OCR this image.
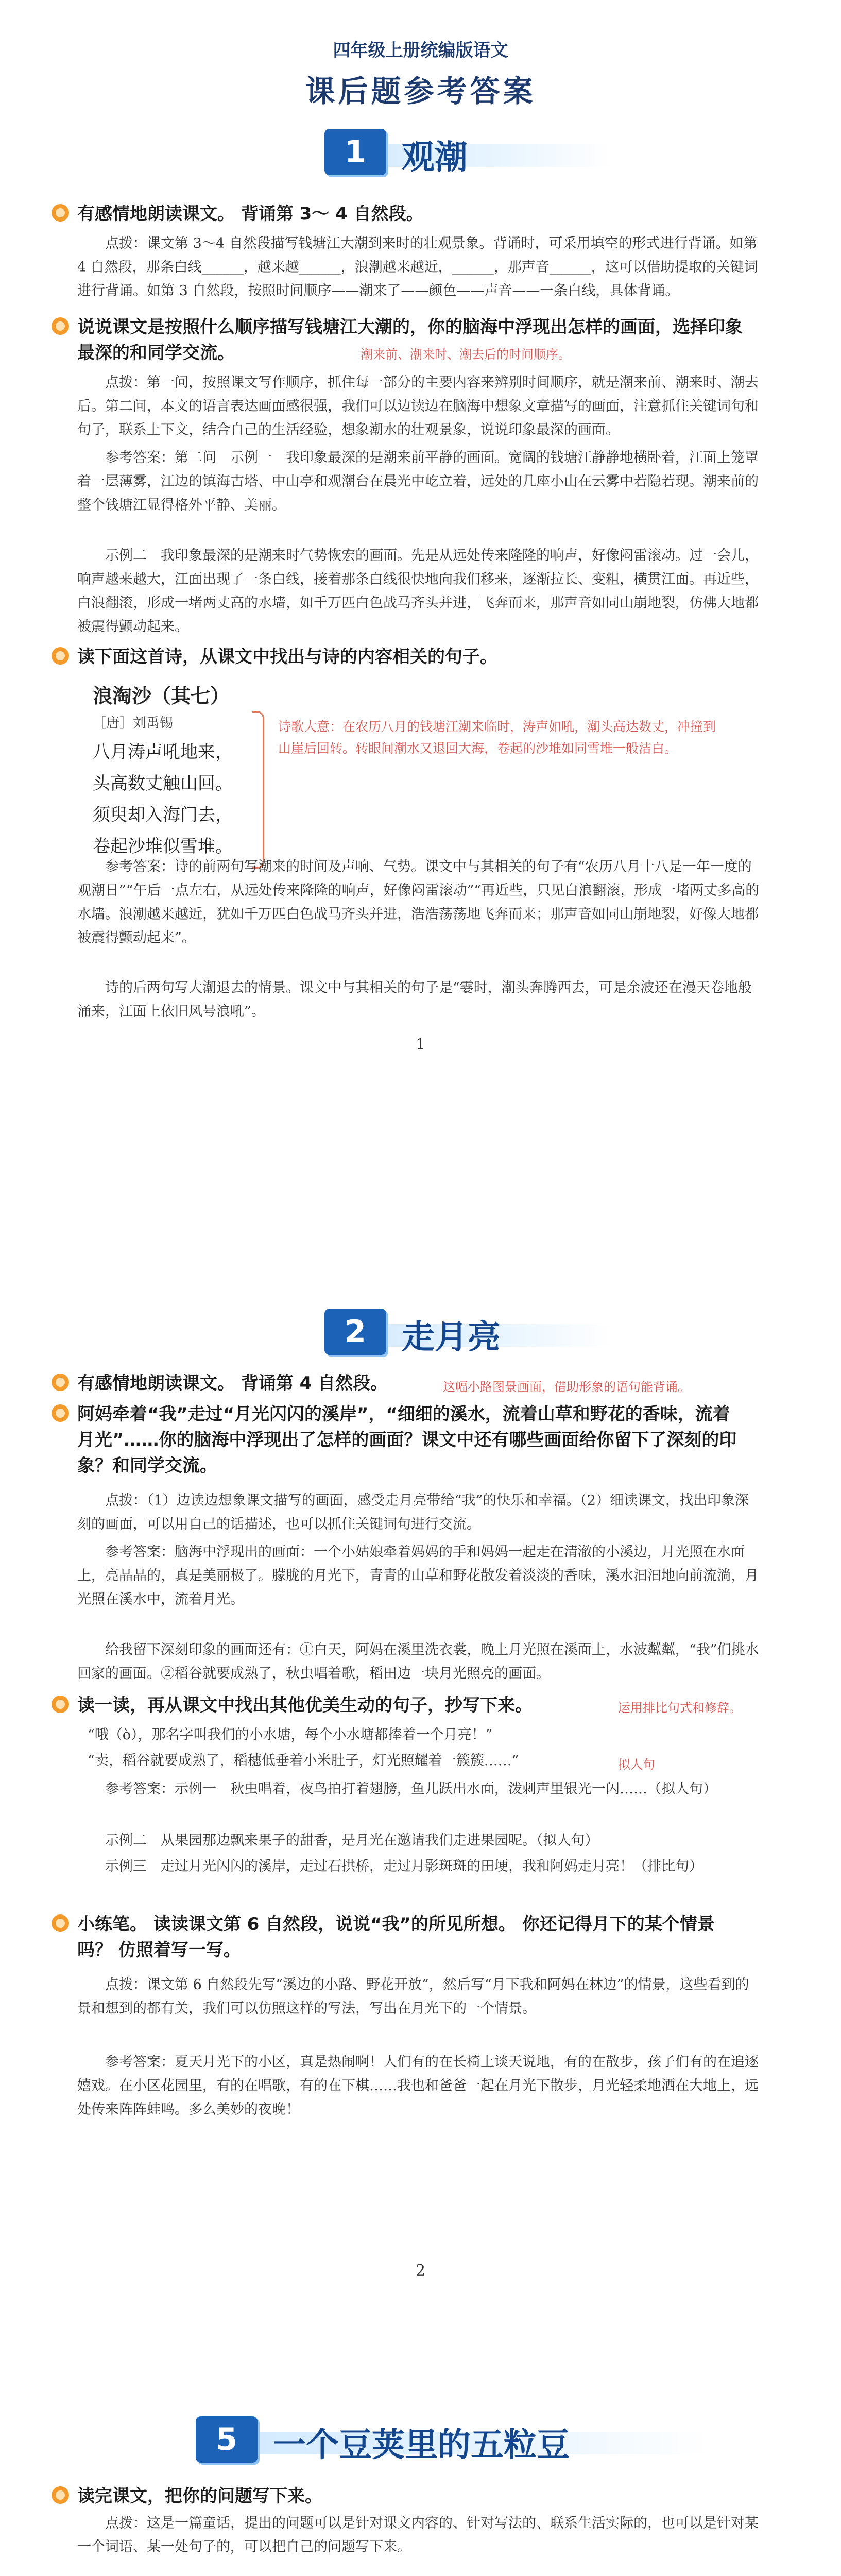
四年级上册统编版语文
课后题参考答案
1	观潮
有感情地朗读课文。 背诵第 3～ 4 自然段。
点拨：课文第 3～4 自然段描写钱塘江大潮到来时的壮观景象。背诵时，可采用填空的形式进行背诵。如第 4 自然段，那条白线______，越来越______，浪潮越来越近，______，那声音______，这可以借助提取的关键词进行背诵。如第 3 自然段，按照时间顺序——潮来了——颜色——声音——一条白线，具体背诵。
说说课文是按照什么顺序描写钱塘江大潮的，你的脑海中浮现出怎样的画面，选择印象最深的和同学交流。	潮来前、潮来时、潮去后的时间顺序。
点拨：第一问，按照课文写作顺序，抓住每一部分的主要内容来辨别时间顺序，就是潮来前、潮来时、潮去后。第二问，本文的语言表达画面感很强，我们可以边读边在脑海中想象文章描写的画面，注意抓住关键词句和句子，联系上下文，结合自己的生活经验，想象潮水的壮观景象，说说印象最深的画面。
参考答案：第二问　示例一　我印象最深的是潮来前平静的画面。宽阔的钱塘江静静地横卧着，江面上笼罩着一层薄雾，江边的镇海古塔、中山亭和观潮台在晨光中屹立着，远处的几座小山在云雾中若隐若现。潮来前的整个钱塘江显得格外平静、美丽。
示例二　我印象最深的是潮来时气势恢宏的画面。先是从远处传来隆隆的响声，好像闷雷滚动。过一会儿，响声越来越大，江面出现了一条白线，接着那条白线很快地向我们移来，逐渐拉长、变粗，横贯江面。再近些，白浪翻滚，形成一堵两丈高的水墙，如千万匹白色战马齐头并进，飞奔而来，那声音如同山崩地裂，仿佛大地都被震得颤动起来。
读下面这首诗，从课文中找出与诗的内容相关的句子。
浪淘沙（其七）
［唐］刘禹锡
八月涛声吼地来，
头高数丈触山回。
须臾却入海门去，
卷起沙堆似雪堆。
诗歌大意：在农历八月的钱塘江潮来临时，涛声如吼，潮头高达数丈，冲撞到山崖后回转。转眼间潮水又退回大海，卷起的沙堆如同雪堆一般洁白。
参考答案：诗的前两句写潮来的时间及声响、气势。课文中与其相关的句子有“农历八月十八是一年一度的观潮日”“午后一点左右，从远处传来隆隆的响声，好像闷雷滚动”“再近些，只见白浪翻滚，形成一堵两丈多高的水墙。浪潮越来越近，犹如千万匹白色战马齐头并进，浩浩荡荡地飞奔而来；那声音如同山崩地裂，好像大地都被震得颤动起来”。
诗的后两句写大潮退去的情景。课文中与其相关的句子是“霎时，潮头奔腾西去，可是余波还在漫天卷地般涌来，江面上依旧风号浪吼”。
1
2	走月亮
有感情地朗读课文。 背诵第 4 自然段。	这幅小路图景画面，借助形象的语句能背诵。
阿妈牵着“我”走过“月光闪闪的溪岸”，“细细的溪水，流着山草和野花的香味，流着月光”……你的脑海中浮现出了怎样的画面？课文中还有哪些画面给你留下了深刻的印象？和同学交流。
点拨：（1）边读边想象课文描写的画面，感受走月亮带给“我”的快乐和幸福。（2）细读课文，找出印象深刻的画面，可以用自己的话描述，也可以抓住关键词句进行交流。
参考答案：脑海中浮现出的画面：一个小姑娘牵着妈妈的手和妈妈一起走在清澈的小溪边，月光照在水面上，亮晶晶的，真是美丽极了。朦胧的月光下，青青的山草和野花散发着淡淡的香味，溪水汩汩地向前流淌，月光照在溪水中，流着月光。
给我留下深刻印象的画面还有：①白天，阿妈在溪里洗衣裳，晚上月光照在溪面上，水波粼粼，“我”们挑水回家的画面。②稻谷就要成熟了，秋虫唱着歌，稻田边一块月光照亮的画面。
读一读，再从课文中找出其他优美生动的句子，抄写下来。	运用排比句式和修辞。
“哦（ò），那名字叫我们的小水塘，每个小水塘都捧着一个月亮！”
“卖，稻谷就要成熟了，稻穗低垂着小米肚子，灯光照耀着一簇簇……”	拟人句
参考答案：示例一　秋虫唱着，夜鸟拍打着翅膀，鱼儿跃出水面，泼刺声里银光一闪……（拟人句）
示例二　从果园那边飘来果子的甜香，是月光在邀请我们走进果园呢。（拟人句）
示例三　走过月光闪闪的溪岸，走过石拱桥，走过月影斑斑的田埂，我和阿妈走月亮！（排比句）
小练笔。 读读课文第 6 自然段，说说“我”的所见所想。 你还记得月下的某个情景吗？ 仿照着写一写。
点拨：课文第 6 自然段先写“溪边的小路、野花开放”，然后写“月下我和阿妈在林边”的情景，这些看到的景和想到的都有关，我们可以仿照这样的写法，写出在月光下的一个情景。
参考答案：夏天月光下的小区，真是热闹啊！人们有的在长椅上谈天说地，有的在散步，孩子们有的在追逐嬉戏。在小区花园里，有的在唱歌，有的在下棋……我也和爸爸一起在月光下散步，月光轻柔地洒在大地上，远处传来阵阵蛙鸣。多么美妙的夜晚！
2
5	一个豆荚里的五粒豆
读完课文，把你的问题写下来。
点拨：这是一篇童话，提出的问题可以是针对课文内容的、针对写法的、联系生活实际的，也可以是针对某一个词语、某一处句子的，可以把自己的问题写下来。
